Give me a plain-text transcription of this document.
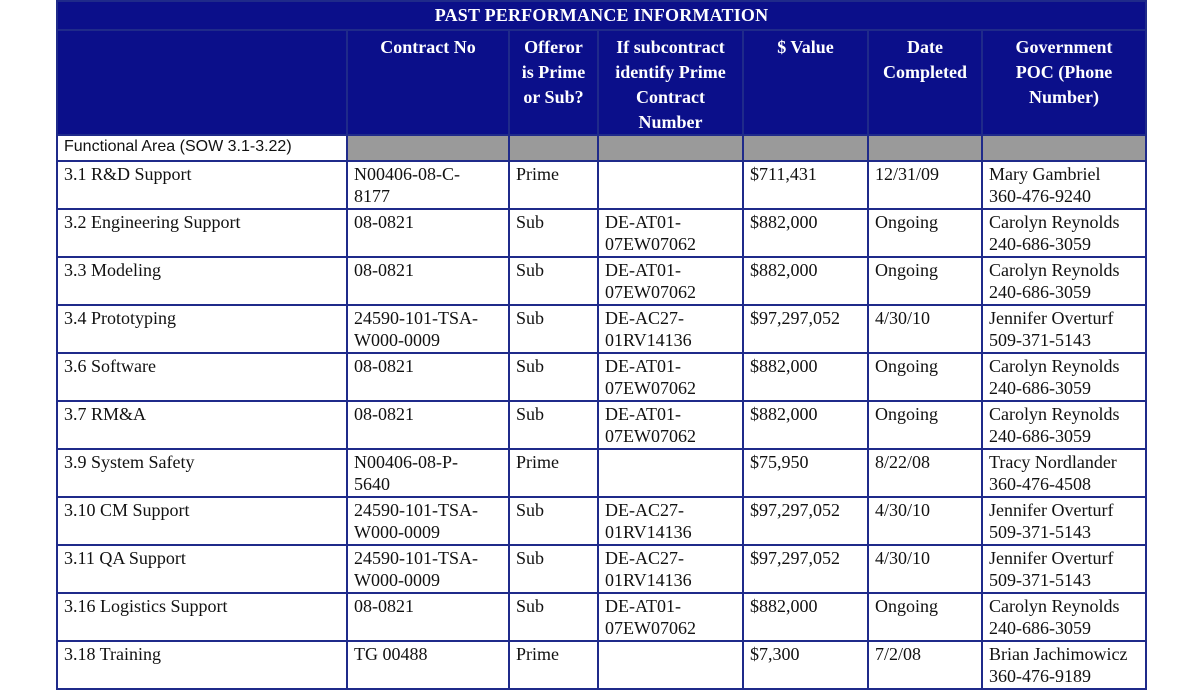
PAST PERFORMANCE INFORMATION						

	Contract No	Offeror
is Prime
or Sub?	If subcontract
identify Prime
Contract
Number	$ Value	Date
Completed	Government
POC (Phone
Number)

Functional Area (SOW 3.1-3.22)						

3.1 R&D Support	N00406-08-C-
8177	Prime		$711,431	12/31/09	Mary Gambriel
360-476-9240

3.2 Engineering Support	08-0821	Sub	DE-AT01-
07EW07062	$882,000	Ongoing	Carolyn Reynolds
240-686-3059

3.3 Modeling	08-0821	Sub	DE-AT01-
07EW07062	$882,000	Ongoing	Carolyn Reynolds
240-686-3059

3.4 Prototyping	24590-101-TSA-
W000-0009	Sub	DE-AC27-
01RV14136	$97,297,052	4/30/10	Jennifer Overturf
509-371-5143

3.6 Software	08-0821	Sub	DE-AT01-
07EW07062	$882,000	Ongoing	Carolyn Reynolds
240-686-3059

3.7 RM&A	08-0821	Sub	DE-AT01-
07EW07062	$882,000	Ongoing	Carolyn Reynolds
240-686-3059

3.9 System Safety	N00406-08-P-
5640	Prime		$75,950	8/22/08	Tracy Nordlander
360-476-4508

3.10 CM Support	24590-101-TSA-
W000-0009	Sub	DE-AC27-
01RV14136	$97,297,052	4/30/10	Jennifer Overturf
509-371-5143

3.11 QA Support	24590-101-TSA-
W000-0009	Sub	DE-AC27-
01RV14136	$97,297,052	4/30/10	Jennifer Overturf
509-371-5143

3.16 Logistics Support	08-0821	Sub	DE-AT01-
07EW07062	$882,000	Ongoing	Carolyn Reynolds
240-686-3059

3.18 Training	TG 00488	Prime		$7,300	7/2/08	Brian Jachimowicz
360-476-9189
